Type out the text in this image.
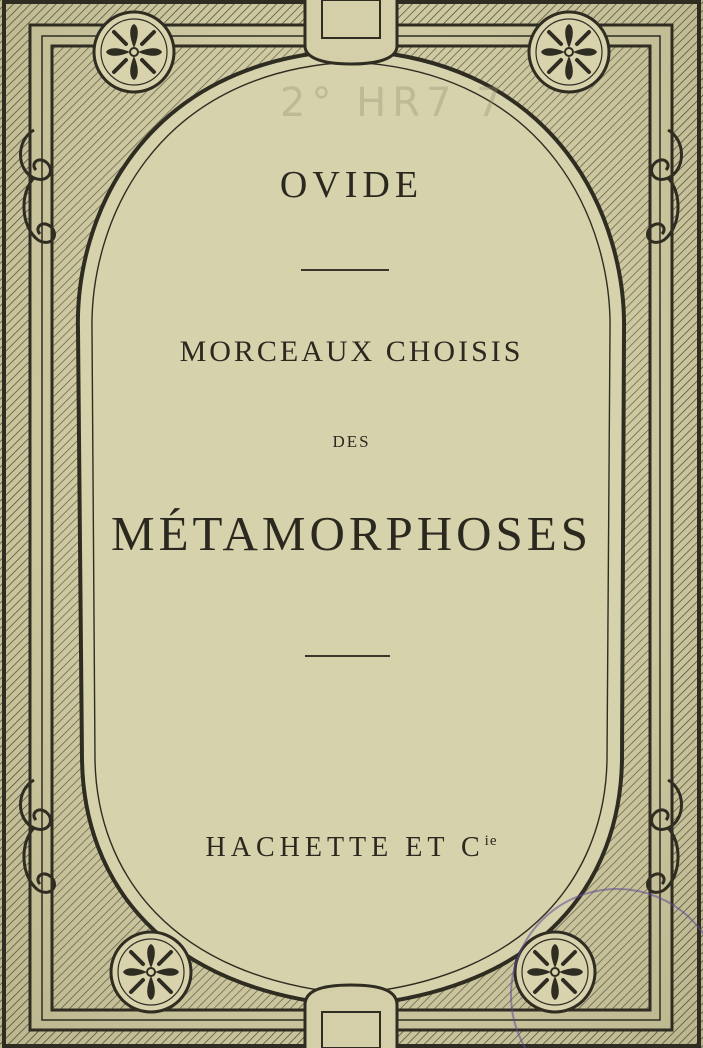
2° HR7 7
OVIDE
MORCEAUX CHOISIS
DES
MÉTAMORPHOSES
HACHETTE ET $C^{ie}$
